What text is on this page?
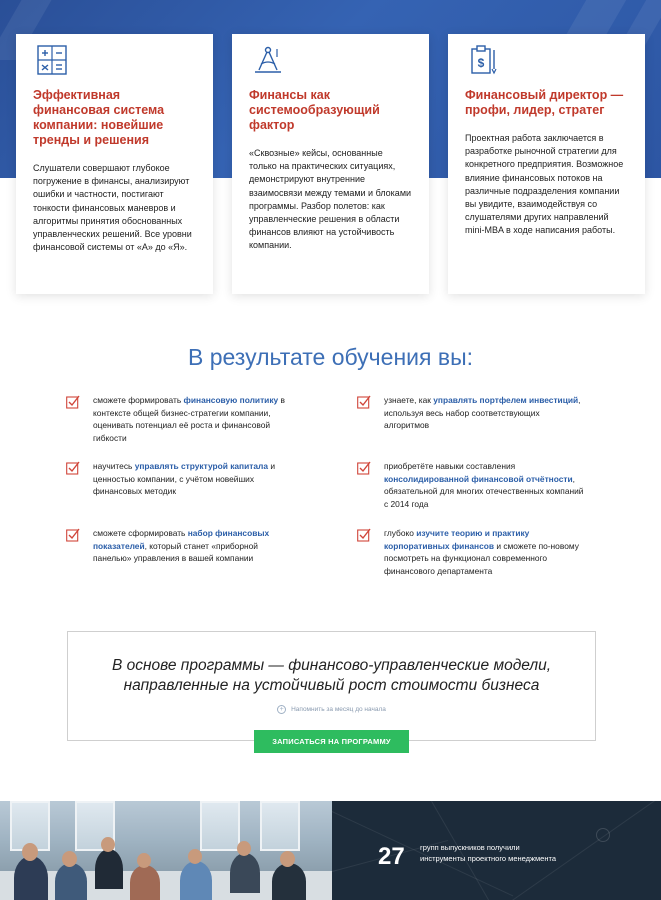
Эффективная финансовая система компании: новейшие тренды и решения

Слушатели совершают глубокое погружение в финансы, анализируют ошибки и частности, постигают тонкости финансовых маневров и алгоритмы принятия обоснованных управленческих решений. Все уровни финансовой системы от «А» до «Я».

Финансы как системообразующий фактор

«Сквозные» кейсы, основанные только на практических ситуациях, демонстрируют внутренние взаимосвязи между темами и блоками программы. Разбор полетов: как управленческие решения в области финансов влияют на устойчивость компании.

$
Финансовый директор — профи, лидер, стратег

Проектная работа заключается в разработке рыночной стратегии для конкретного предприятия. Возможное влияние финансовых потоков на различные подразделения компании вы увидите, взаимодействуя со слушателями других направлений mini-MBA в ходе написания работы.

В результате обучения вы:
сможете формировать финансовую политику в контексте общей бизнес-стратегии компании, оценивать потенциал её роста и финансовой гибкости
научитесь управлять структурой капитала и ценностью компании, с учётом новейших финансовых методик
сможете сформировать набор финансовых показателей, который станет «приборной панелью» управления в вашей компании
узнаете, как управлять портфелем инвестиций, используя весь набор соответствующих алгоритмов
приобретёте навыки составления консолидированной финансовой отчётности, обязательной для многих отечественных компаний с 2014 года
глубоко изучите теорию и практику корпоративных финансов и сможете по-новому посмотреть на функционал современного финансового департамента
В основе программы — финансово-управленческие модели, направленные на устойчивый рост стоимости бизнеса
+ Напомнить за месяц до начала
ЗАПИСАТЬСЯ НА ПРОГРАММУ
27 групп выпускников получили инструменты проектного менеджмента
